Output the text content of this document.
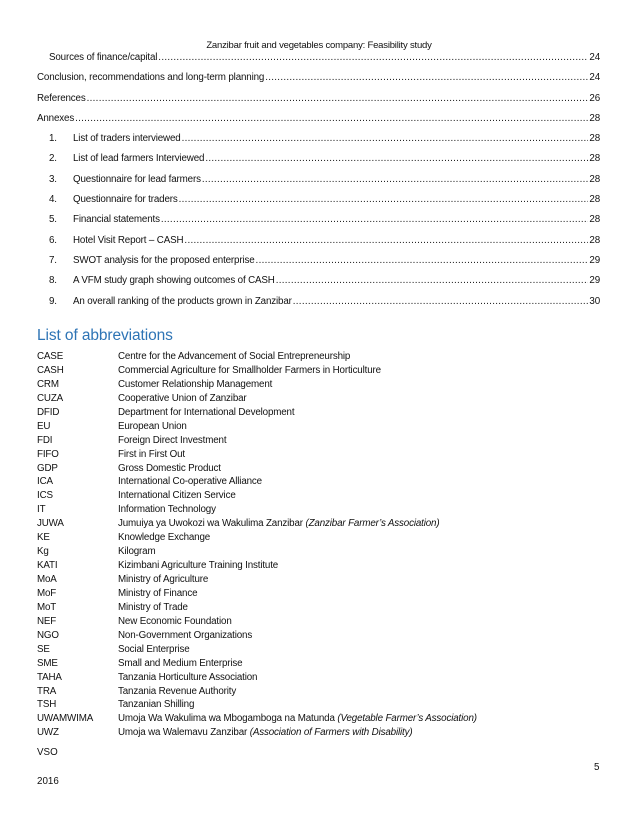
Zanzibar fruit and vegetables company: Feasibility study
Sources of finance/capital .....	24
Conclusion, recommendations and long-term planning .....	24
References .....	26
Annexes .....	28
1.	List of traders interviewed .....	28
2.	List of lead farmers Interviewed .....	28
3.	Questionnaire for lead farmers .....	28
4.	Questionnaire for traders .....	28
5.	Financial statements .....	28
6.	Hotel Visit Report – CASH .....	28
7.	SWOT analysis for the proposed enterprise .....	29
8.	A VFM study graph showing outcomes of CASH .....	29
9.	An overall ranking of the products grown in Zanzibar .....	30
List of abbreviations
CASE	Centre for the Advancement of Social Entrepreneurship
CASH	Commercial Agriculture for Smallholder Farmers in Horticulture
CRM	Customer Relationship Management
CUZA	Cooperative Union of Zanzibar
DFID	Department for International Development
EU	European Union
FDI	Foreign Direct Investment
FIFO	First in First Out
GDP	Gross Domestic Product
ICA	International Co-operative Alliance
ICS	International Citizen Service
IT	Information Technology
JUWA	Jumuiya ya Uwokozi wa Wakulima Zanzibar (Zanzibar Farmer’s Association)
KE	Knowledge Exchange
Kg	Kilogram
KATI	Kizimbani Agriculture Training Institute
MoA	Ministry of Agriculture
MoF	Ministry of Finance
MoT	Ministry of Trade
NEF	New Economic Foundation
NGO	Non-Government Organizations
SE	Social Enterprise
SME	Small and Medium Enterprise
TAHA	Tanzania Horticulture Association
TRA	Tanzania Revenue Authority
TSH	Tanzanian Shilling
UWAMWIMA	Umoja Wa Wakulima wa Mbogamboga na Matunda (Vegetable Farmer’s Association)
UWZ	Umoja wa Walemavu Zanzibar (Association of Farmers with Disability)
VSO
5
2016
